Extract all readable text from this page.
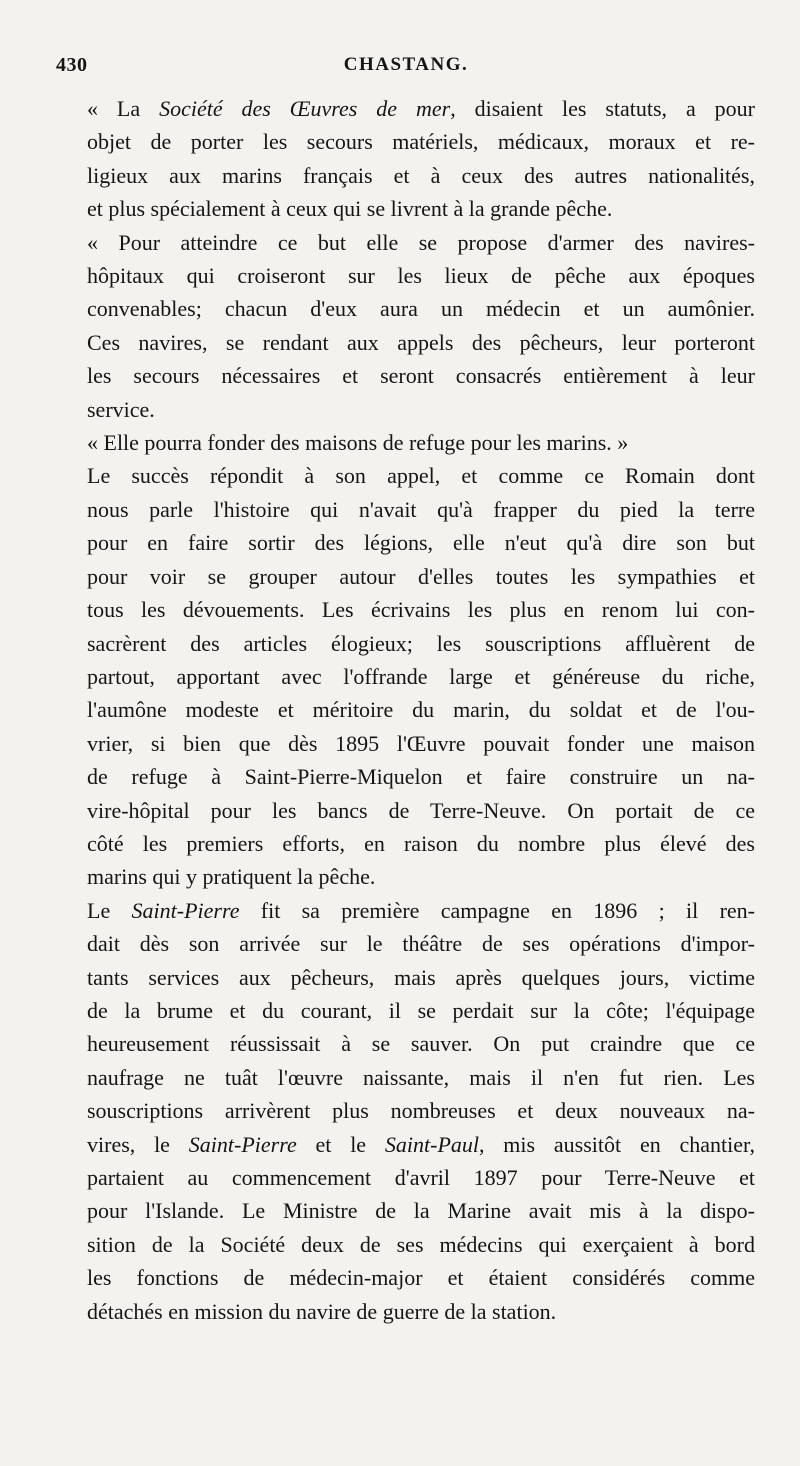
430	CHASTANG.

« La Société des Œuvres de mer, disaient les statuts, a pour
objet de porter les secours matériels, médicaux, moraux et re-
ligieux aux marins français et à ceux des autres nationalités,
et plus spécialement à ceux qui se livrent à la grande pêche.

« Pour atteindre ce but elle se propose d'armer des navires-
hôpitaux qui croiseront sur les lieux de pêche aux époques
convenables; chacun d'eux aura un médecin et un aumônier.
Ces navires, se rendant aux appels des pêcheurs, leur porteront
les secours nécessaires et seront consacrés entièrement à leur
service.

« Elle pourra fonder des maisons de refuge pour les marins. »

Le succès répondit à son appel, et comme ce Romain dont
nous parle l'histoire qui n'avait qu'à frapper du pied la terre
pour en faire sortir des légions, elle n'eut qu'à dire son but
pour voir se grouper autour d'elles toutes les sympathies et
tous les dévouements. Les écrivains les plus en renom lui con-
sacrèrent des articles élogieux; les souscriptions affluèrent de
partout, apportant avec l'offrande large et généreuse du riche,
l'aumône modeste et méritoire du marin, du soldat et de l'ou-
vrier, si bien que dès 1895 l'Œuvre pouvait fonder une maison
de refuge à Saint-Pierre-Miquelon et faire construire un na-
vire-hôpital pour les bancs de Terre-Neuve. On portait de ce
côté les premiers efforts, en raison du nombre plus élevé des
marins qui y pratiquent la pêche.

Le Saint-Pierre fit sa première campagne en 1896 ; il ren-
dait dès son arrivée sur le théâtre de ses opérations d'impor-
tants services aux pêcheurs, mais après quelques jours, victime
de la brume et du courant, il se perdait sur la côte; l'équipage
heureusement réussissait à se sauver. On put craindre que ce
naufrage ne tuât l'œuvre naissante, mais il n'en fut rien. Les
souscriptions arrivèrent plus nombreuses et deux nouveaux na-
vires, le Saint-Pierre et le Saint-Paul, mis aussitôt en chantier,
partaient au commencement d'avril 1897 pour Terre-Neuve et
pour l'Islande. Le Ministre de la Marine avait mis à la dispo-
sition de la Société deux de ses médecins qui exerçaient à bord
les fonctions de médecin-major et étaient considérés comme
détachés en mission du navire de guerre de la station.
